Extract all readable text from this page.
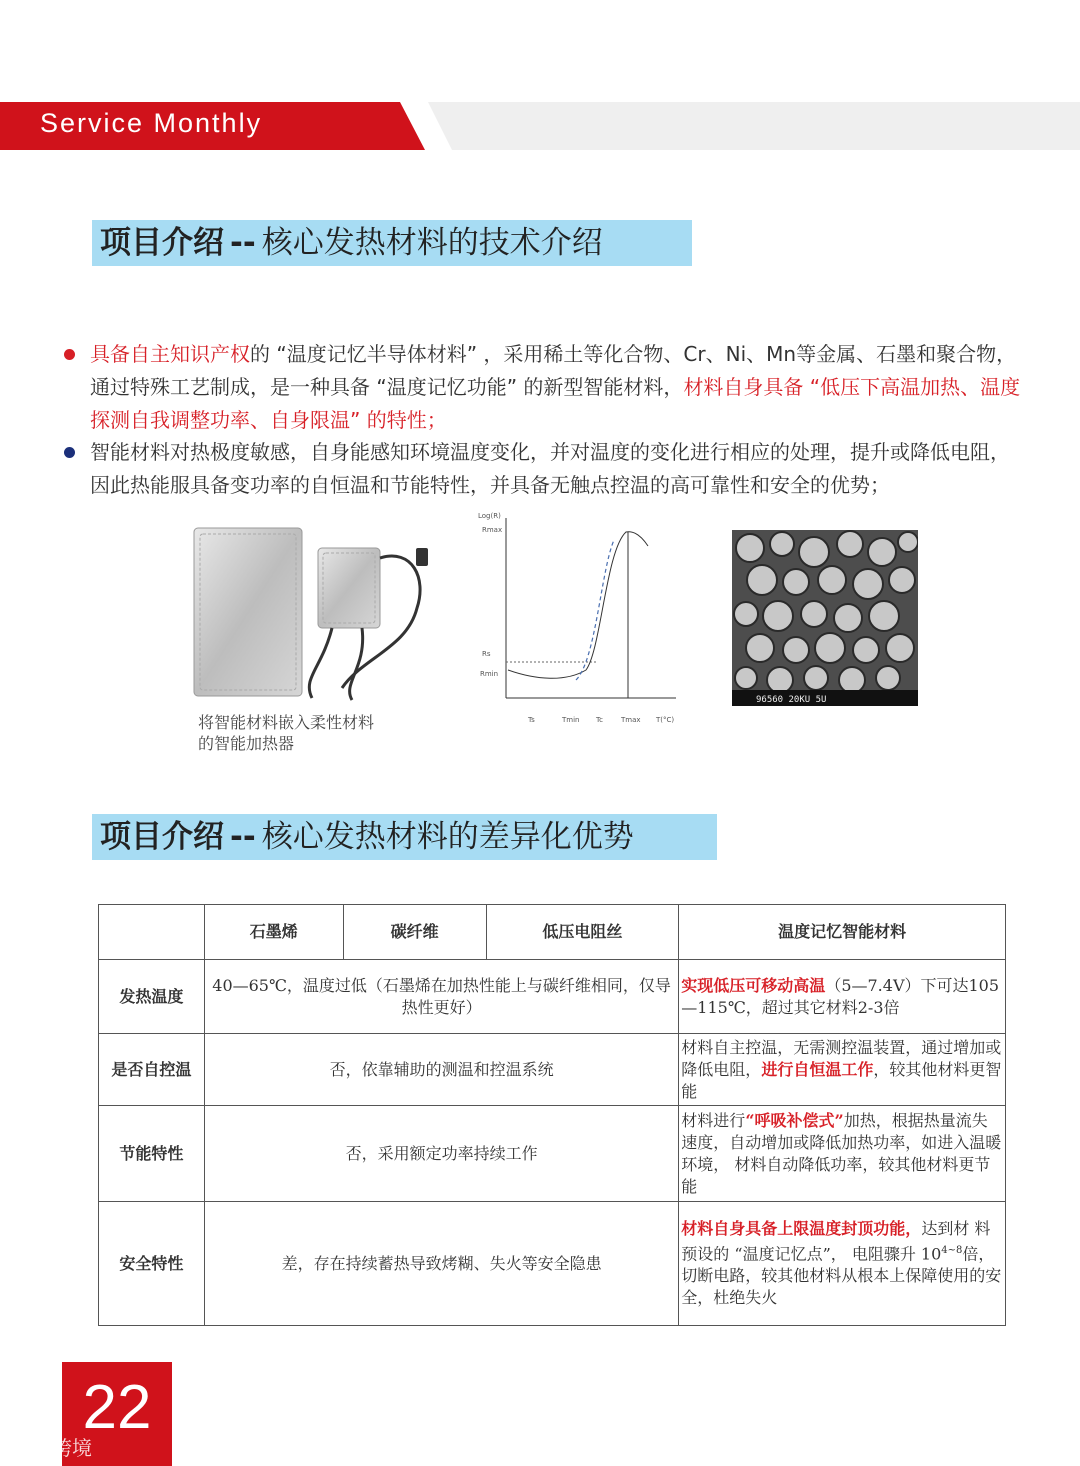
Service Monthly
项目介绍 -- 核心发热材料的技术介绍
具备自主知识产权的 “温度记忆半导体材料” ，采用稀土等化合物、Cr、Ni、Mn等金属、石墨和聚合物，通过特殊工艺制成，是一种具备 “温度记忆功能” 的新型智能材料，材料自身具备 “低压下高温加热、温度探测自我调整功率、自身限温” 的特性；
智能材料对热极度敏感，自身能感知环境温度变化，并对温度的变化进行相应的处理，提升或降低电阻，因此热能服具备变功率的自恒温和节能特性，并具备无触点控温的高可靠性和安全的优势；
将智能材料嵌入柔性材料
的智能加热器
Log(R)
Rmax
Rs
Rmin
Ts	Tmin Tc	Tmax T(°C)
96560 20KU 5U
项目介绍 -- 核心发热材料的差异化优势
	石墨烯	碳纤维	低压电阻丝	温度记忆智能材料
发热温度	40—65℃，温度过低（石墨烯在加热性能上与碳纤维相同，仅导热性更好）			实现低压可移动高温（5—7.4V）下可达105—115℃，超过其它材料2-3倍
是否自控温	否，依靠辅助的测温和控温系统			材料自主控温，无需测控温装置，通过增加或降低电阻，进行自恒温工作，较其他材料更智能
节能特性	否，采用额定功率持续工作			材料进行“呼吸补偿式”加热，根据热量流失速度，自动增加或降低加热功率，如进入温暖环境， 材料自动降低功率，较其他材料更节能
安全特性	差，存在持续蓄热导致烤糊、失火等安全隐患			材料自身具备上限温度封顶功能，达到材 料预设的 “温度记忆点”， 电阻骤升 $10^{4\sim 8}$倍，切断电路，较其他材料从根本上保障使用的安全，杜绝失火
22
大数跨境
